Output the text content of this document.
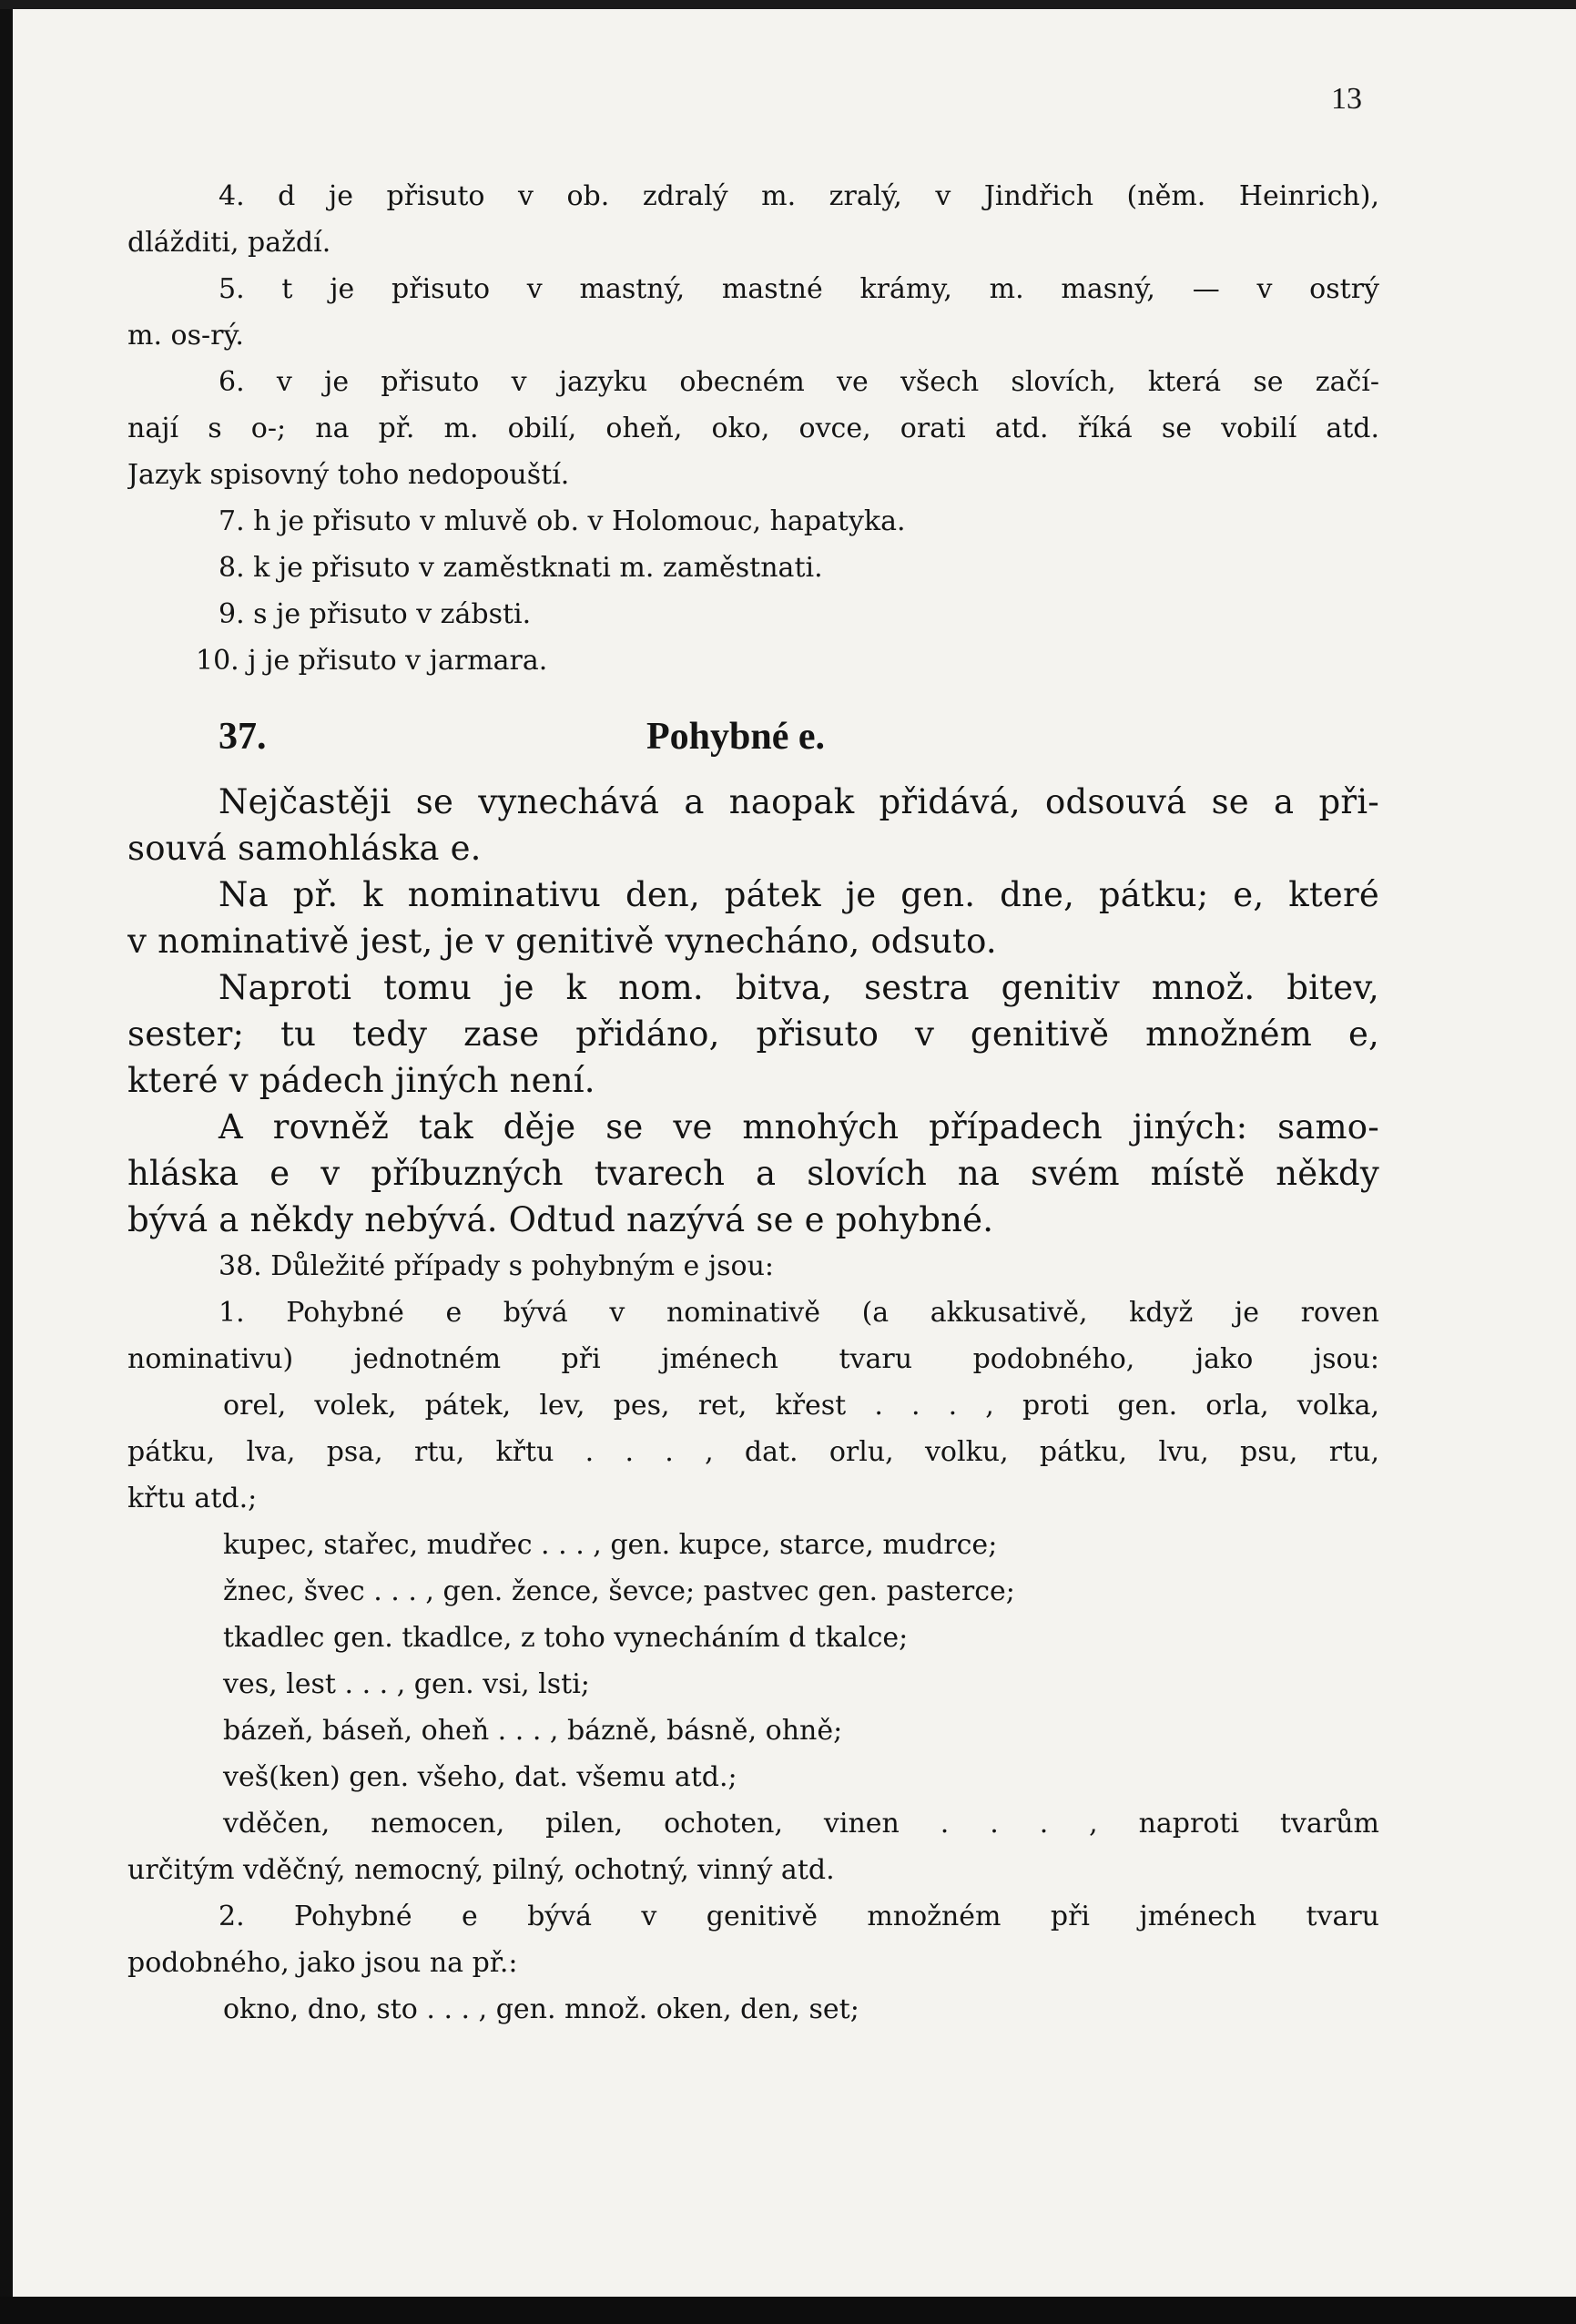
13
4. d je přisuto v ob. zdralý m. zralý, v Jindřich (něm. Heinrich),
dlážditi, paždí.
5. t je přisuto v mastný, mastné krámy, m. masný, — v ostrý
m. os-rý.
6. v je přisuto v jazyku obecném ve všech slovích, která se začí-
nají s o-; na př. m. obilí, oheň, oko, ovce, orati atd. říká se vobilí atd.
Jazyk spisovný toho nedopouští.
7. h je přisuto v mluvě ob. v Holomouc, hapatyka.
8. k je přisuto v zaměstknati m. zaměstnati.
9. s je přisuto v zábsti.
10. j je přisuto v jarmara.
37.	Pohybné e.
Nejčastěji se vynechává a naopak přidává, odsouvá se a při-
souvá samohláska e.
Na př. k nominativu den, pátek je gen. dne, pátku; e, které
v nominativě jest, je v genitivě vynecháno, odsuto.
Naproti tomu je k nom. bitva, sestra genitiv množ. bitev,
sester; tu tedy zase přidáno, přisuto v genitivě množném e,
které v pádech jiných není.
A rovněž tak děje se ve mnohých případech jiných: samo-
hláska e v příbuzných tvarech a slovích na svém místě někdy
bývá a někdy nebývá. Odtud nazývá se e pohybné.
38. Důležité případy s pohybným e jsou:
1. Pohybné e bývá v nominativě (a akkusativě, když je roven
nominativu) jednotném při jménech tvaru podobného, jako jsou:
orel, volek, pátek, lev, pes, ret, křest . . . , proti gen. orla, volka,
pátku, lva, psa, rtu, křtu . . . , dat. orlu, volku, pátku, lvu, psu, rtu,
křtu atd.;
kupec, stařec, mudřec . . . , gen. kupce, starce, mudrce;
žnec, švec . . . , gen. žence, ševce; pastvec gen. pasterce;
tkadlec gen. tkadlce, z toho vynecháním d tkalce;
ves, lest . . . , gen. vsi, lsti;
bázeň, báseň, oheň . . . , bázně, básně, ohně;
veš(ken) gen. všeho, dat. všemu atd.;
vděčen, nemocen, pilen, ochoten, vinen . . . , naproti tvarům
určitým vděčný, nemocný, pilný, ochotný, vinný atd.
2. Pohybné e bývá v genitivě množném při jménech tvaru
podobného, jako jsou na př.:
okno, dno, sto . . . , gen. množ. oken, den, set;
